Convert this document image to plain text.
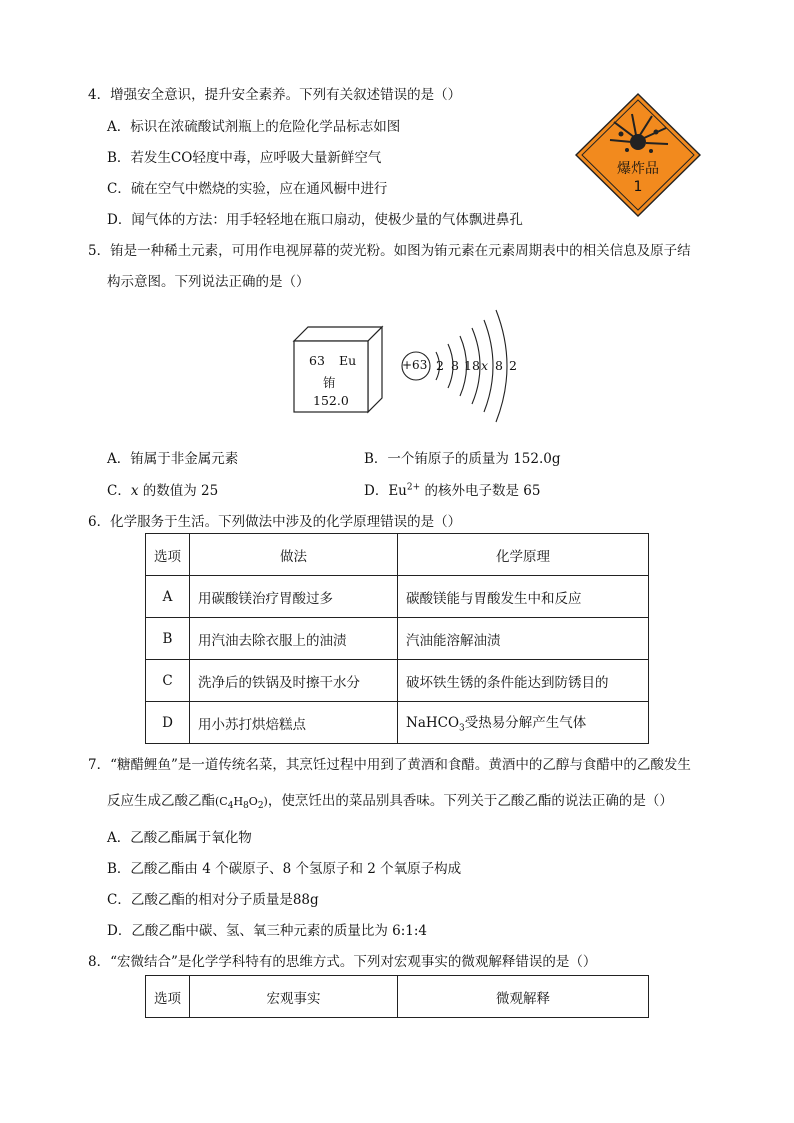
4．增强安全意识，提升安全素养。下列有关叙述错误的是（）
A．标识在浓硫酸试剂瓶上的危险化学品标志如图
B．若发生CO轻度中毒，应呼吸大量新鲜空气
C．硫在空气中燃烧的实验，应在通风橱中进行
D．闻气体的方法：用手轻轻地在瓶口扇动，使极少量的气体飘进鼻孔
爆炸品
1
5．铕是一种稀土元素，可用作电视屏幕的荧光粉。如图为铕元素在元素周期表中的相关信息及原子结
构示意图。下列说法正确的是（）
63 Eu
铕
152.0
+63 2 8 18 x 8 2
A．铕属于非金属元素	B．一个铕原子的质量为 152.0g
C．x 的数值为 25	D．$Eu^{2+}$ 的核外电子数是 65
6．化学服务于生活。下列做法中涉及的化学原理错误的是（）
选项	做法	化学原理
A	用碳酸镁治疗胃酸过多	碳酸镁能与胃酸发生中和反应
B	用汽油去除衣服上的油渍	汽油能溶解油渍
C	洗净后的铁锅及时擦干水分	破坏铁生锈的条件能达到防锈目的
D	用小苏打烘焙糕点	NaHCO$_3$受热易分解产生气体
7．“糖醋鲤鱼”是一道传统名菜，其烹饪过程中用到了黄酒和食醋。黄酒中的乙醇与食醋中的乙酸发生
反应生成乙酸乙酯$(C_4H_8O_2)$，使烹饪出的菜品别具香味。下列关于乙酸乙酯的说法正确的是（）
A．乙酸乙酯属于氧化物
B．乙酸乙酯由 4 个碳原子、8 个氢原子和 2 个氧原子构成
C．乙酸乙酯的相对分子质量是88g
D．乙酸乙酯中碳、氢、氧三种元素的质量比为 6:1:4
8．“宏微结合”是化学学科特有的思维方式。下列对宏观事实的微观解释错误的是（）
选项	宏观事实	微观解释
